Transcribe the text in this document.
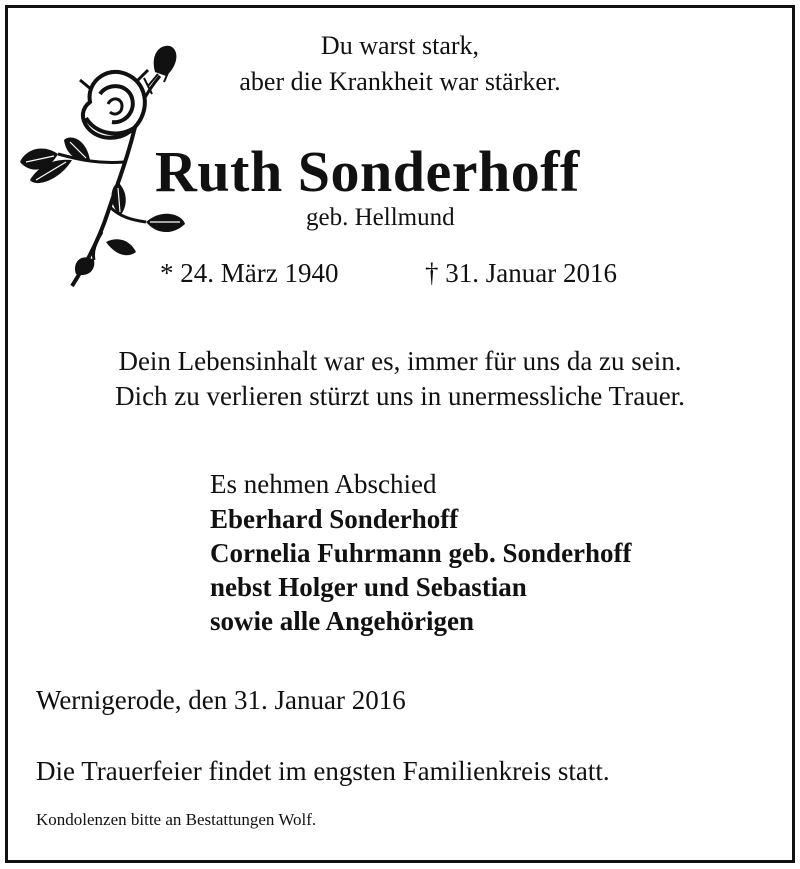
Du warst stark,
aber die Krankheit war stärker.
Ruth Sonderhoff
geb. Hellmund
* 24. März 1940	† 31. Januar 2016
Dein Lebensinhalt war es, immer für uns da zu sein.
Dich zu verlieren stürzt uns in unermessliche Trauer.
Es nehmen Abschied
Eberhard Sonderhoff
Cornelia Fuhrmann geb. Sonderhoff
nebst Holger und Sebastian
sowie alle Angehörigen
Wernigerode, den 31. Januar 2016
Die Trauerfeier findet im engsten Familienkreis statt.
Kondolenzen bitte an Bestattungen Wolf.
